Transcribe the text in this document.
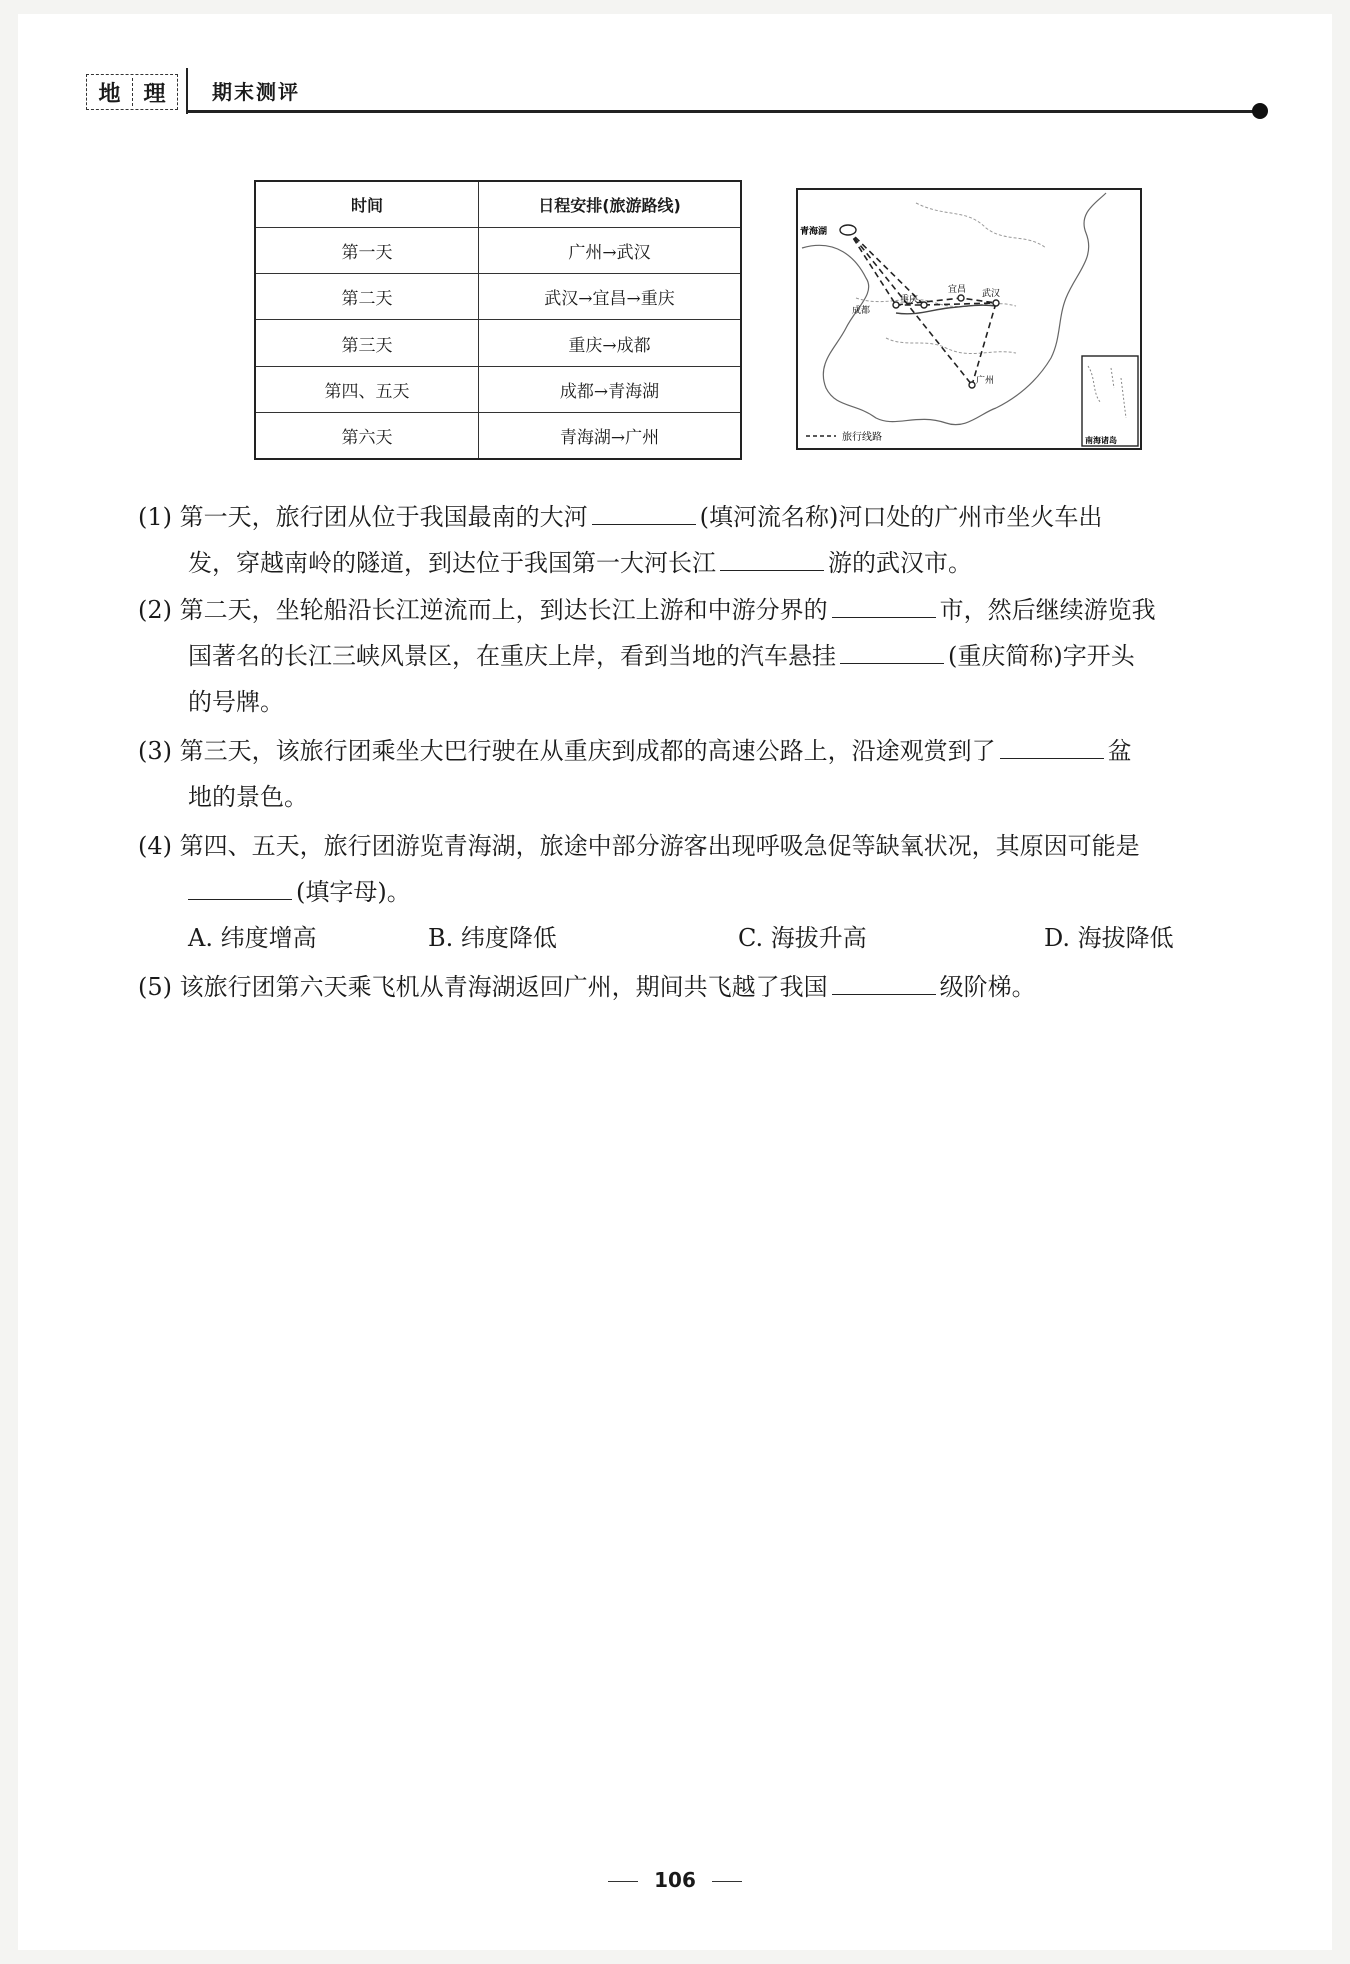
地 理 期末测评
时间	日程安排(旅游路线)
第一天	广州→武汉
第二天	武汉→宜昌→重庆
第三天	重庆→成都
第四、五天	成都→青海湖
第六天	青海湖→广州
青海湖
成都
重庆
宜昌 武汉
广州
旅行线路	南海诸岛
(1) 第一天，旅行团从位于我国最南的大河	(填河流名称)河口处的广州市坐火车出
发，穿越南岭的隧道，到达位于我国第一大河长江	游的武汉市。
(2) 第二天，坐轮船沿长江逆流而上，到达长江上游和中游分界的	市，然后继续游览我
国著名的长江三峡风景区，在重庆上岸，看到当地的汽车悬挂	(重庆简称)字开头
的号牌。
(3) 第三天，该旅行团乘坐大巴行驶在从重庆到成都的高速公路上，沿途观赏到了	盆
地的景色。
(4) 第四、五天，旅行团游览青海湖，旅途中部分游客出现呼吸急促等缺氧状况，其原因可能是
(填字母)。
A. 纬度增高	B. 纬度降低	C. 海拔升高	D. 海拔降低
(5) 该旅行团第六天乘飞机从青海湖返回广州，期间共飞越了我国	级阶梯。
106
